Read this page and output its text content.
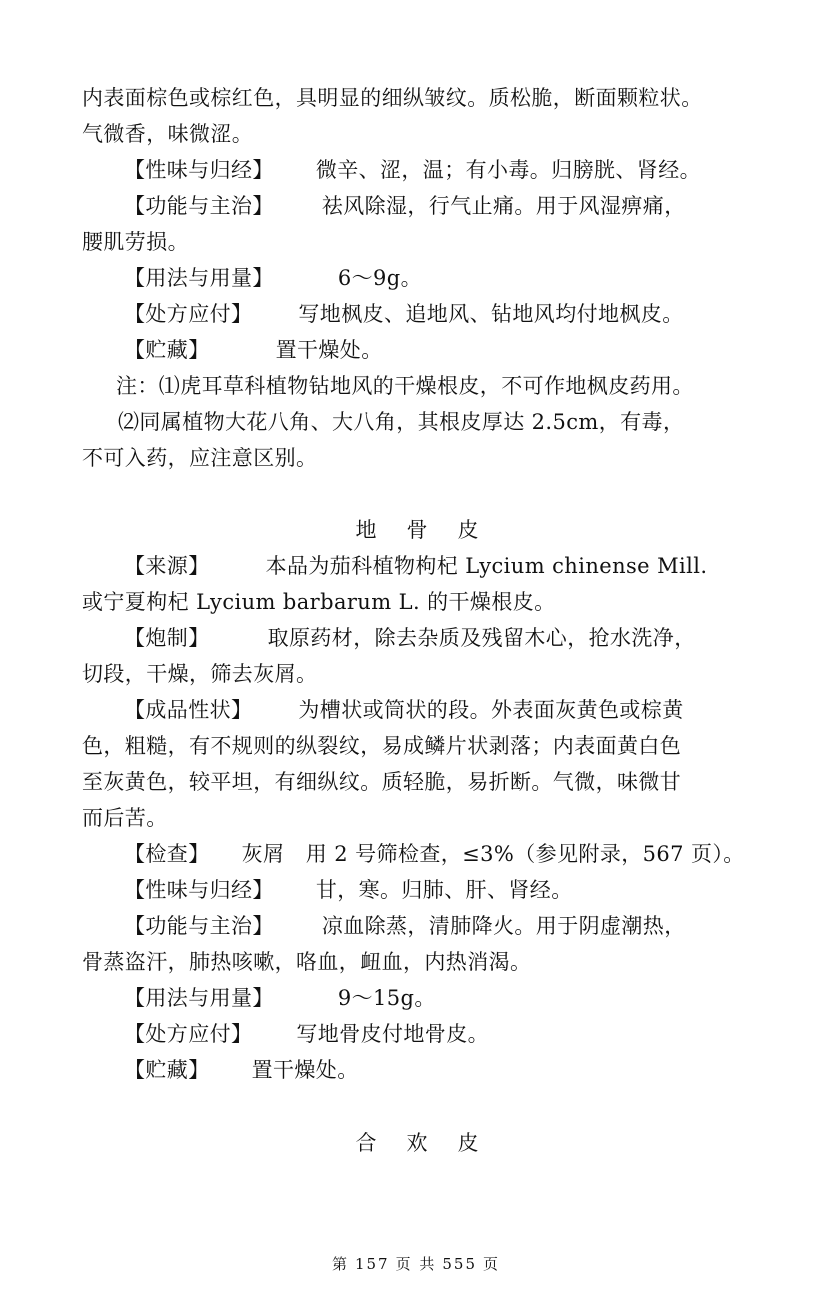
内表面棕色或棕红色，具明显的细纵皱纹。质松脆，断面颗粒状。
气微香，味微涩。
【性味与归经】 微辛、涩，温；有小毒。归膀胱、肾经。
【功能与主治】 祛风除湿，行气止痛。用于风湿痹痛，
腰肌劳损。
【用法与用量】	6～9g。
【处方应付】 写地枫皮、追地风、钻地风均付地枫皮。
【贮藏】	置干燥处。
注：⑴虎耳草科植物钻地风的干燥根皮，不可作地枫皮药用。
⑵同属植物大花八角、大八角，其根皮厚达 2.5cm，有毒，
不可入药，应注意区别。
地骨皮
【来源】	本品为茄科植物枸杞 Lycium chinense Mill.
或宁夏枸杞 Lycium barbarum L. 的干燥根皮。
【炮制】	取原药材，除去杂质及残留木心，抢水洗净，
切段，干燥，筛去灰屑。
【成品性状】 为槽状或筒状的段。外表面灰黄色或棕黄
色，粗糙，有不规则的纵裂纹，易成鳞片状剥落；内表面黄白色
至灰黄色，较平坦，有细纵纹。质轻脆，易折断。气微，味微甘
而后苦。
【检查】 灰屑　用 2 号筛检查，≤3%（参见附录，567 页）。
【性味与归经】 甘，寒。归肺、肝、肾经。
【功能与主治】 凉血除蒸，清肺降火。用于阴虚潮热，
骨蒸盗汗，肺热咳嗽，咯血，衄血，内热消渴。
【用法与用量】	9～15g。
【处方应付】 写地骨皮付地骨皮。
【贮藏】 置干燥处。
合欢皮
第 157 页 共 555 页
